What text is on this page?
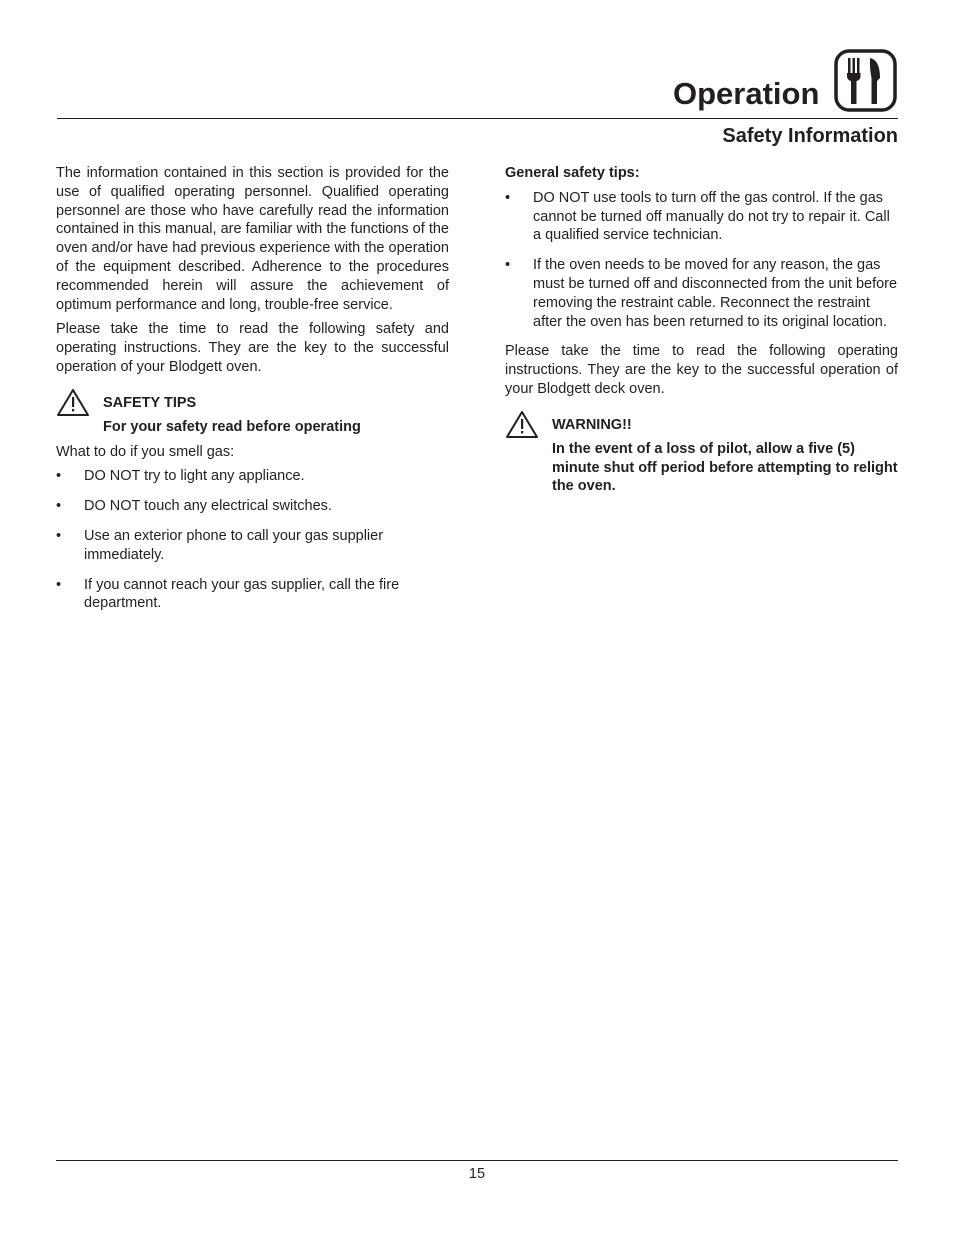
Operation
Safety Information

The information contained in this section is provided for the use of qualified operating personnel. Qualified operating personnel are those who have carefully read the information contained in this manual, are familiar with the functions of the oven and/or have had previous experience with the operation of the equipment described. Adherence to the procedures recommended herein will assure the achievement of optimum performance and long, trouble-free service.

Please take the time to read the following safety and operating instructions. They are the key to the successful operation of your Blodgett oven.

SAFETY TIPS

For your safety read before operating

What to do if you smell gas:

• DO NOT try to light any appliance.
• DO NOT touch any electrical switches.
• Use an exterior phone to call your gas supplier immediately.
• If you cannot reach your gas supplier, call the fire department.

General safety tips:

• DO NOT use tools to turn off the gas control. If the gas cannot be turned off manually do not try to repair it. Call a qualified service technician.
• If the oven needs to be moved for any reason, the gas must be turned off and disconnected from the unit before removing the restraint cable. Reconnect the restraint after the oven has been returned to its original location.

Please take the time to read the following operating instructions. They are the key to the successful operation of your Blodgett deck oven.

WARNING!!

In the event of a loss of pilot, allow a five (5) minute shut off period before attempting to relight the oven.

15
